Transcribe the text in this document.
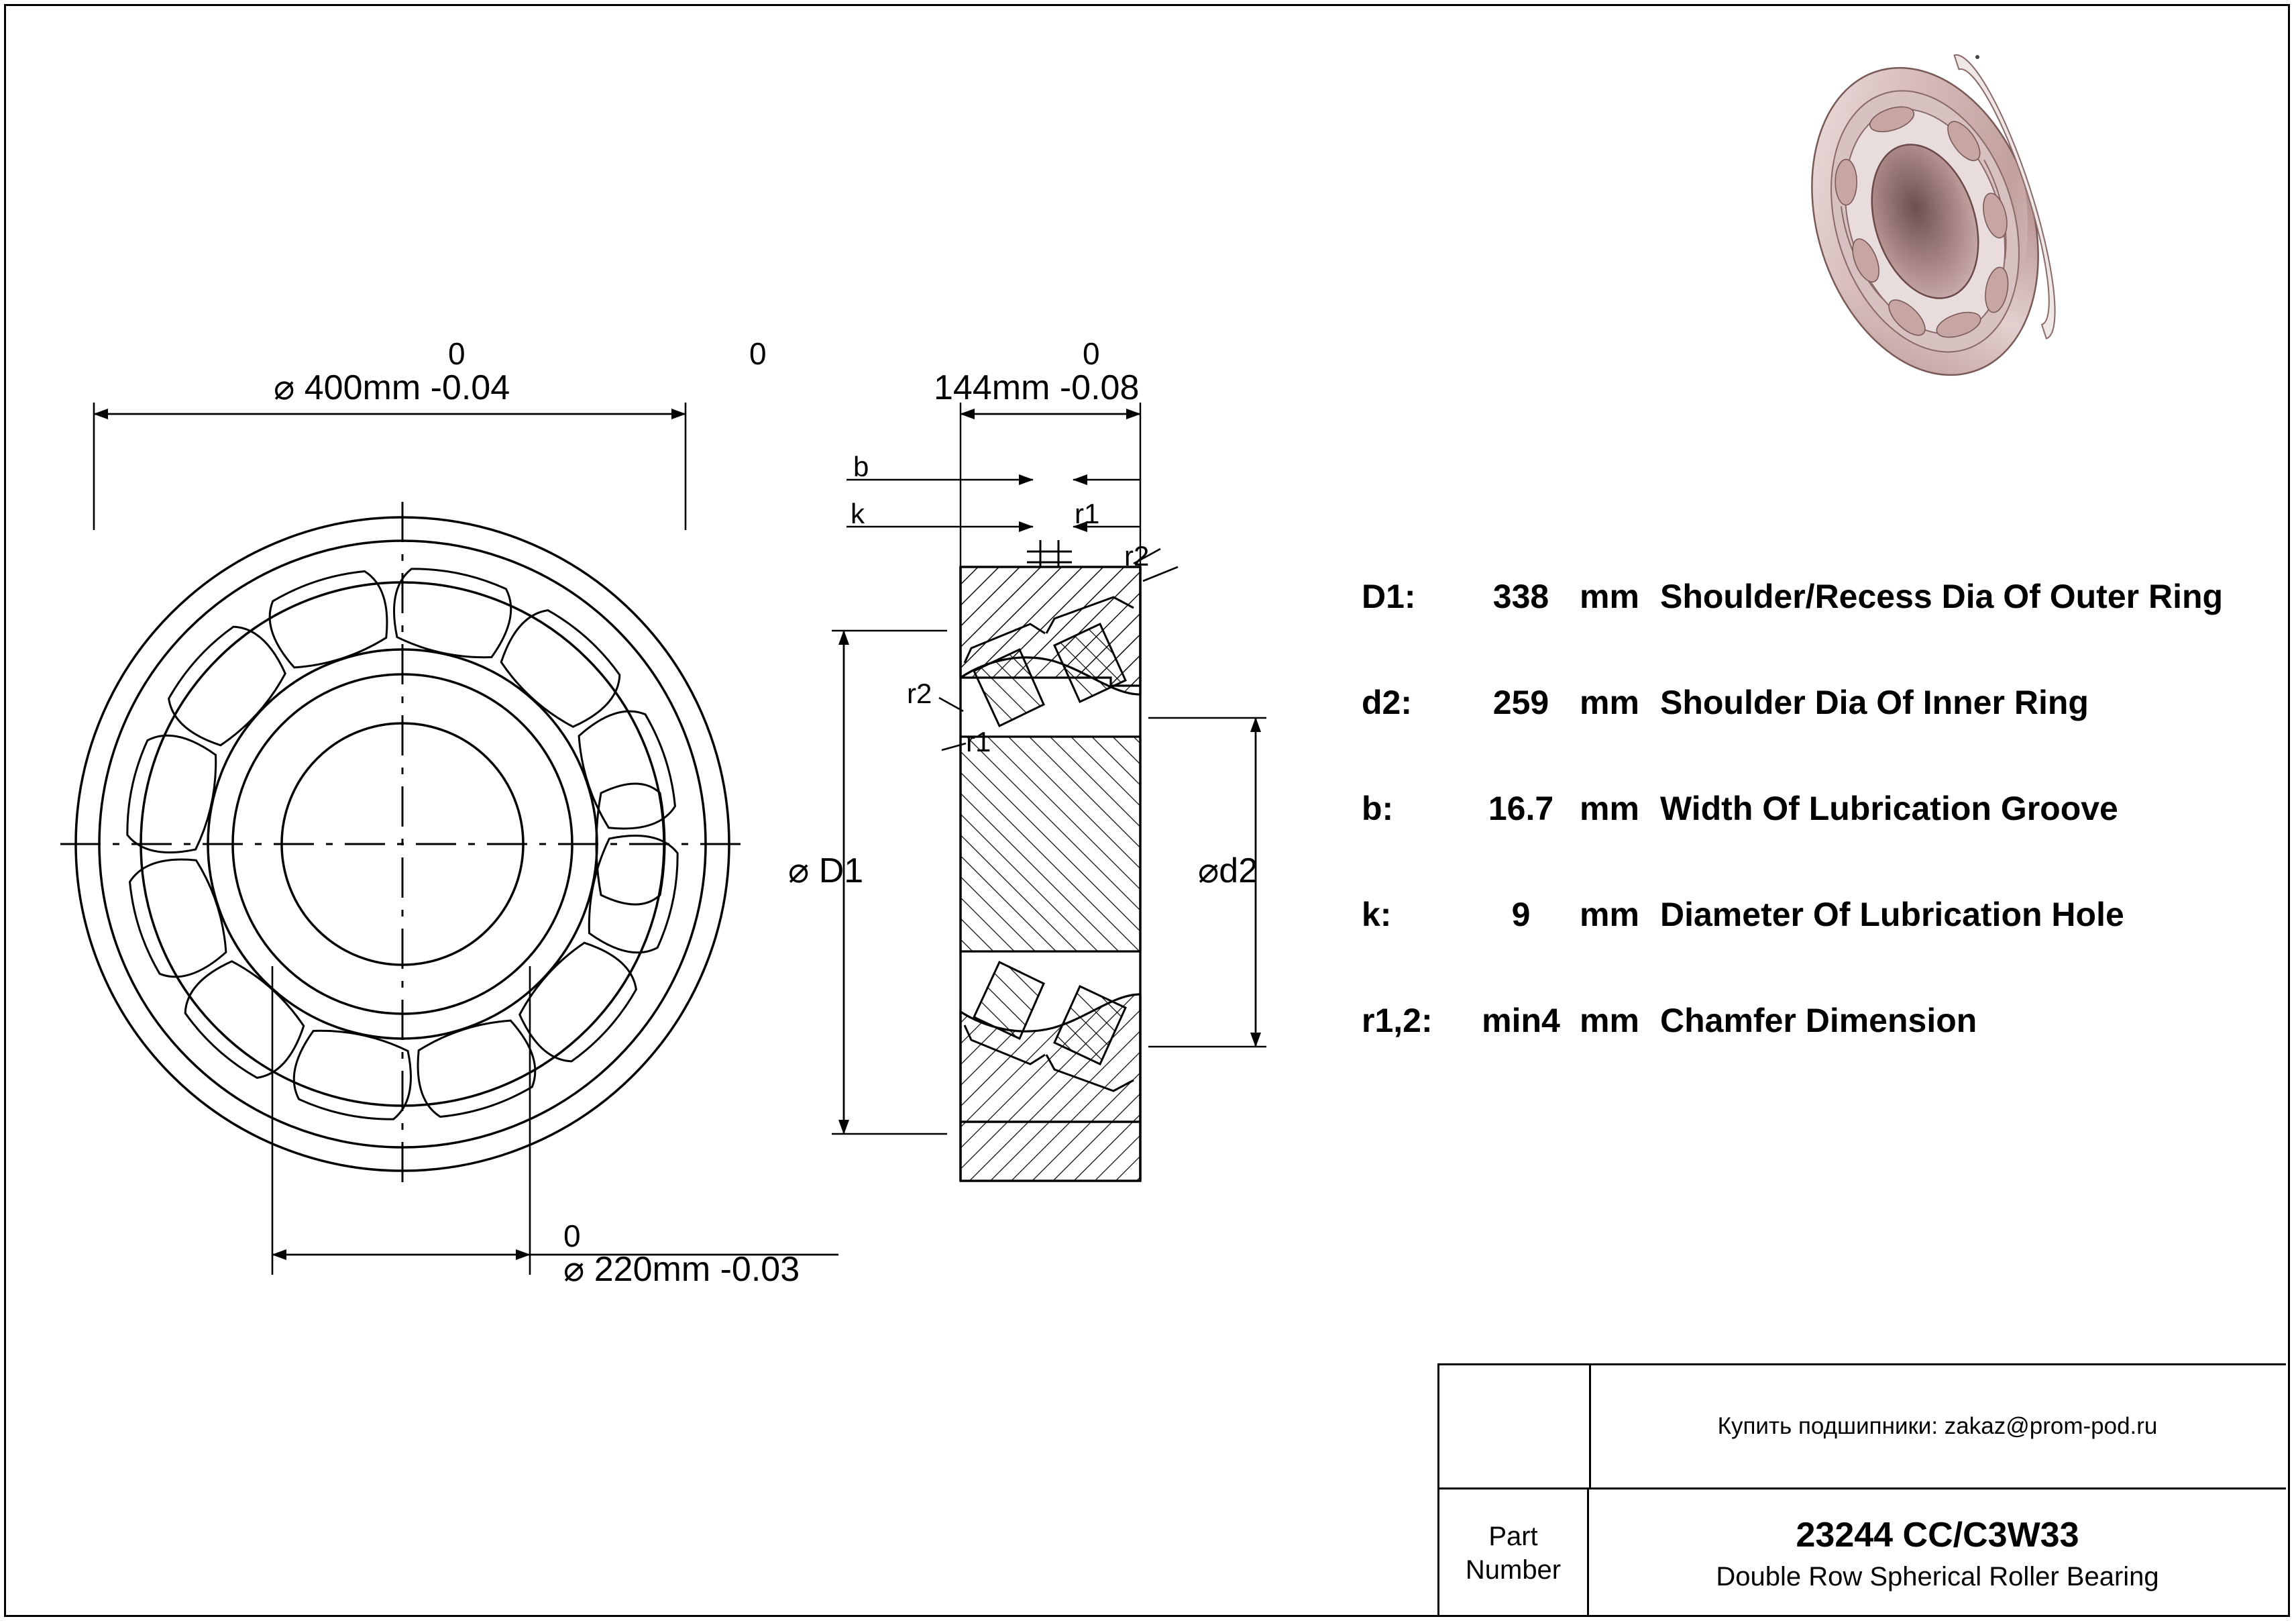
0
⌀ 400mm -0.04
0
0
⌀ 220mm -0.03
0
144mm -0.08
b
k	r1
r2
r2
r1
⌀ D1	⌀d2
D1:	338 mm Shoulder/Recess Dia Of Outer Ring
d2:	259 mm Shoulder Dia Of Inner Ring
b:	16.7 mm Width Of Lubrication Groove
k:	9	mm Diameter Of Lubrication Hole
r1,2:	min4 mm Chamfer Dimension
Купить подшипники: zakaz@prom-pod.ru
Part
Number
23244 CC/C3W33
Double Row Spherical Roller Bearing
